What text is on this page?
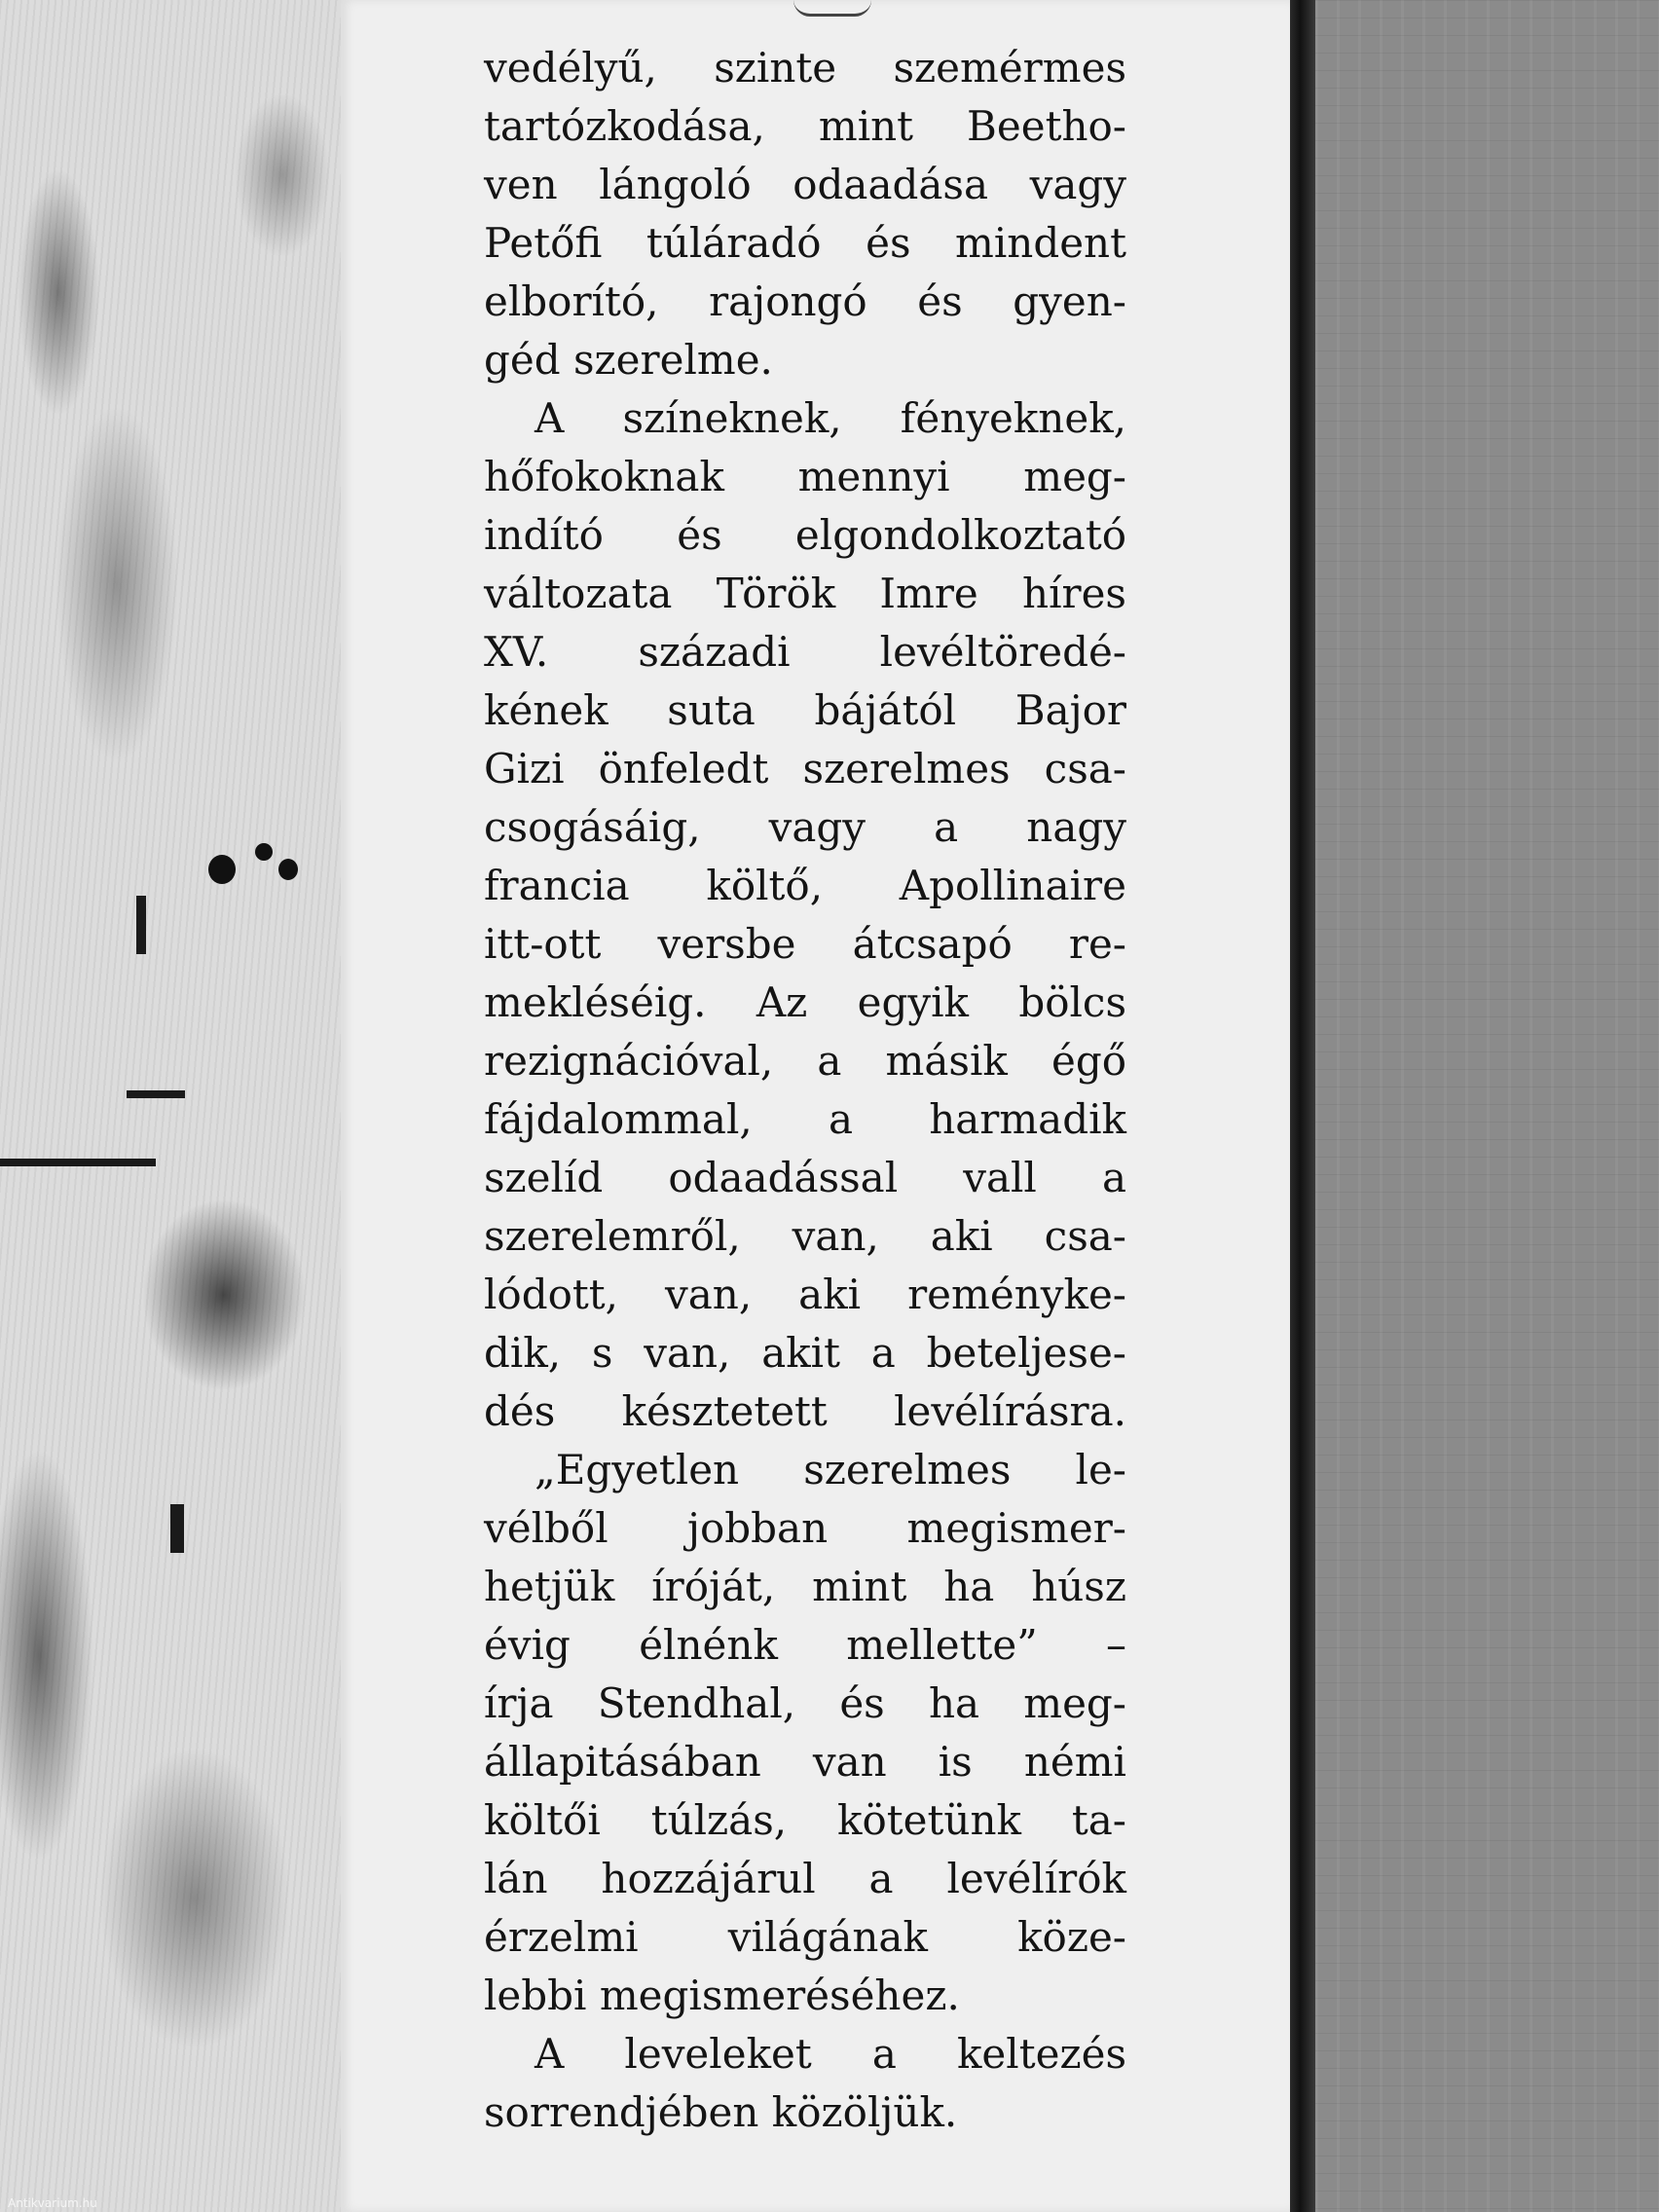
vedélyű, szinte szemérmes
tartózkodása, mint Beetho-
ven lángoló odaadása vagy
Petőfi túláradó és mindent
elborító, rajongó és gyen-
géd szerelme.
A színeknek, fényeknek,
hőfokoknak mennyi meg-
indító és elgondolkoztató
változata Török Imre híres
XV. századi levéltöredé-
kének suta bájától Bajor
Gizi önfeledt szerelmes csa-
csogásáig, vagy a nagy
francia költő, Apollinaire
itt-ott versbe átcsapó re-
mekléséig. Az egyik bölcs
rezignációval, a másik égő
fájdalommal, a harmadik
szelíd odaadással vall a
szerelemről, van, aki csa-
lódott, van, aki reményke-
dik, s van, akit a beteljese-
dés késztetett levélírásra.
„Egyetlen szerelmes le-
vélből jobban megismer-
hetjük íróját, mint ha húsz
évig élnénk mellette” –
írja Stendhal, és ha meg-
állapitásában van is némi
költői túlzás, kötetünk ta-
lán hozzájárul a levélírók
érzelmi világának köze-
lebbi megismeréséhez.
A leveleket a keltezés
sorrendjében közöljük.
Antikvarium.hu
